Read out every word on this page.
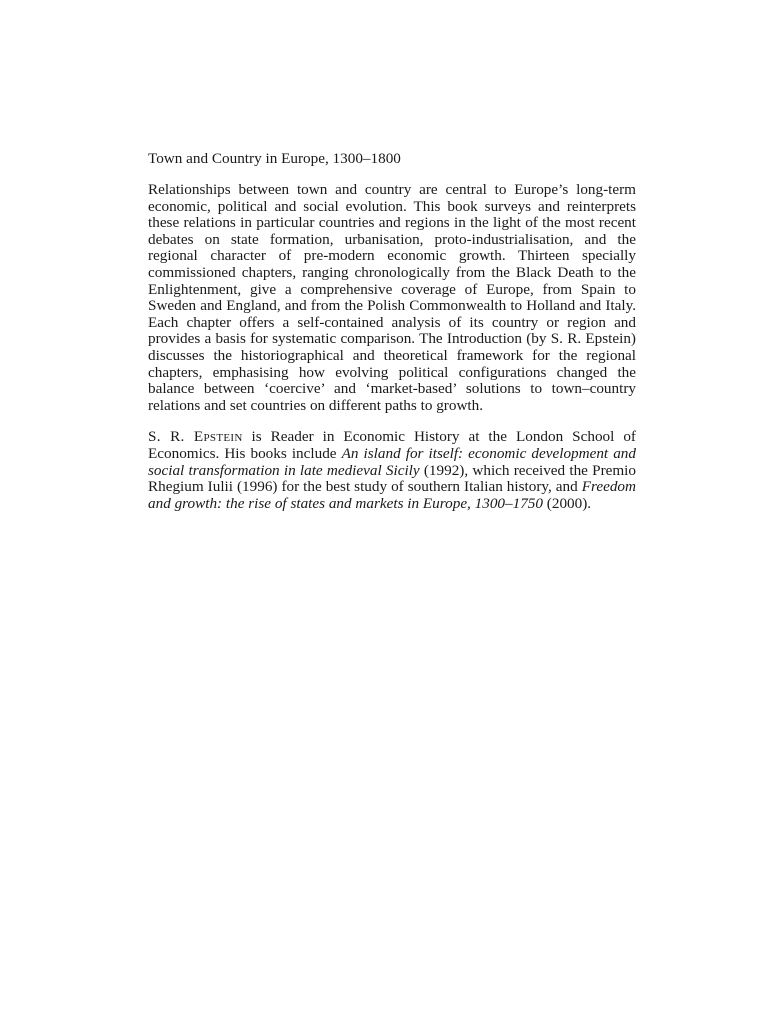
Town and Country in Europe, 1300–1800

Relationships between town and country are central to Europe’s long-term economic, political and social evolution. This book surveys and reinterprets these relations in particular countries and regions in the light of the most recent debates on state formation, urbanisation, proto-industrialisation, and the regional character of pre-modern economic growth. Thirteen specially commissioned chapters, ranging chronologically from the Black Death to the Enlightenment, give a comprehensive coverage of Europe, from Spain to Sweden and England, and from the Polish Commonwealth to Holland and Italy. Each chapter offers a self-contained analysis of its country or region and provides a basis for systematic comparison. The Introduction (by S. R. Epstein) discusses the historiographical and theoretical framework for the regional chapters, emphasising how evolving political configurations changed the balance between ‘coercive’ and ‘market-based’ solutions to town–country relations and set countries on different paths to growth.

S. R. Epstein is Reader in Economic History at the London School of Economics. His books include An island for itself: economic development and social transformation in late medieval Sicily (1992), which received the Premio Rhegium Iulii (1996) for the best study of southern Italian history, and Freedom and growth: the rise of states and markets in Europe, 1300–1750 (2000).
